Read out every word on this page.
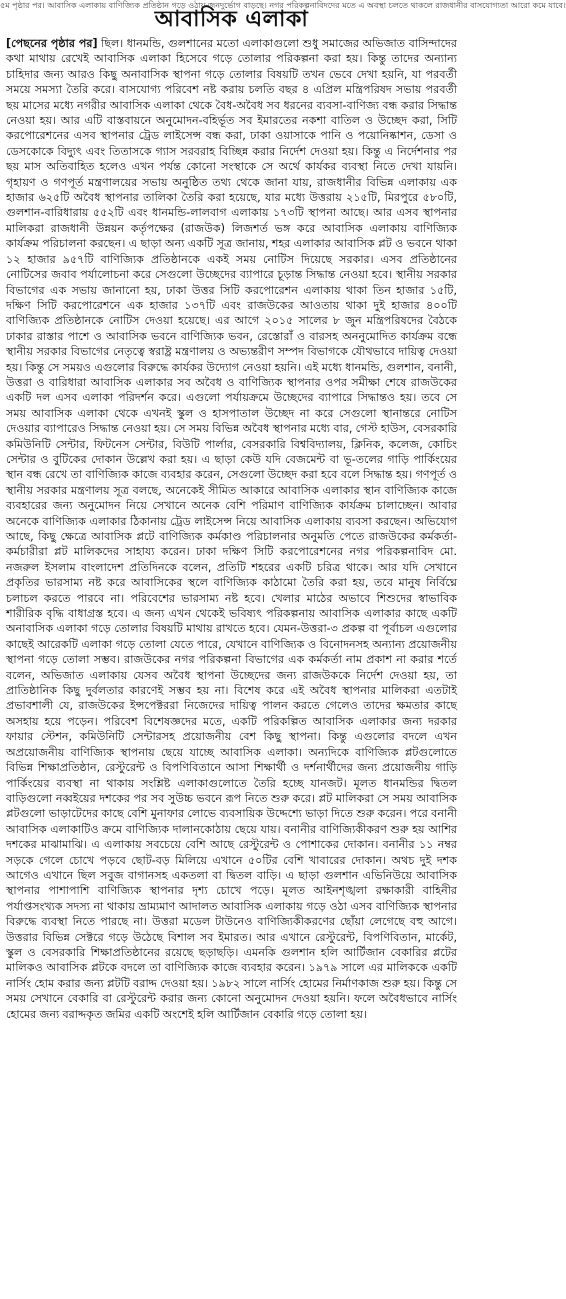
৫ম পৃষ্ঠার পর। আবাসিক এলাকায় বাণিজ্যিক প্রতিষ্ঠান গড়ে ওঠায় জনদুর্ভোগ বাড়ছে। নগর পরিকল্পনাবিদদের মতে এ অবস্থা চলতে থাকলে রাজধানীর বাসযোগ্যতা আরো কমে যাবে।
আবাসিক এলাকা

[পেছনের পৃষ্ঠার পর] ছিল। ধানমন্ডি, গুলশানের মতো এলাকাগুলো শুধু সমাজের অভিজাত বাসিন্দাদের কথা মাথায় রেখেই আবাসিক এলাকা হিসেবে গড়ে তোলার পরিকল্পনা করা হয়। কিন্তু তাদের অন্যান্য চাহিদার জন্য আরও কিছু অনাবাসিক স্থাপনা গড়ে তোলার বিষয়টি তখন ভেবে দেখা হয়নি, যা পরবর্তী সময়ে সমস্যা তৈরি করে। বাসযোগ্য পরিবেশ নষ্ট করায় চলতি বছর ৪ এপ্রিল মন্ত্রিপরিষদ সভায় পরবর্তী ছয় মাসের মধ্যে নগরীর আবাসিক এলাকা থেকে বৈধ-অবৈধ সব ধরনের ব্যবসা-বাণিজ্য বন্ধ করার সিদ্ধান্ত নেওয়া হয়। আর এটি বাস্তবায়নে অনুমোদন-বহির্ভূত সব ইমারতের নকশা বাতিল ও উচ্ছেদ করা, সিটি করপোরেশনের এসব স্থাপনার ট্রেড লাইসেন্স বন্ধ করা, ঢাকা ওয়াসাকে পানি ও পয়োনিষ্কাশন, ডেসা ও ডেসকোকে বিদ্যুৎ এবং তিতাসকে গ্যাস সরবরাহ বিচ্ছিন্ন করার নির্দেশ দেওয়া হয়। কিন্তু এ নির্দেশনার পর ছয় মাস অতিবাহিত হলেও এখন পর্যন্ত কোনো সংস্থাকে সে অর্থে কার্যকর ব্যবস্থা নিতে দেখা যায়নি। গৃহায়ণ ও গণপূর্ত মন্ত্রণালয়ের সভায় অনুষ্ঠিত তথ্য থেকে জানা যায়, রাজধানীর বিভিন্ন এলাকায় এক হাজার ৬২৫টি অবৈধ স্থাপনার তালিকা তৈরি করা হয়েছে, যার মধ্যে উত্তরায় ২১৫টি, মিরপুরে ৫৮০টি, গুলশান-বারিধারায় ৫৫২টি এবং ধানমন্ডি-লালবাগ এলাকায় ১৭৩টি স্থাপনা আছে। আর এসব স্থাপনার মালিকরা রাজধানী উন্নয়ন কর্তৃপক্ষের (রাজউক) লিজশর্ত ভঙ্গ করে আবাসিক এলাকায় বাণিজ্যিক কার্যক্রম পরিচালনা করছেন। এ ছাড়া অন্য একটি সূত্র জানায়, শহর এলাকার আবাসিক প্লট ও ভবনে থাকা ১২ হাজার ৯৫৭টি বাণিজ্যিক প্রতিষ্ঠানকে একই সময় নোটিস দিয়েছে সরকার। এসব প্রতিষ্ঠানের নোটিসের জবাব পর্যালোচনা করে সেগুলো উচ্ছেদের ব্যাপারে চূড়ান্ত সিদ্ধান্ত নেওয়া হবে। স্থানীয় সরকার বিভাগের এক সভায় জানানো হয়, ঢাকা উত্তর সিটি করপোরেশন এলাকায় থাকা তিন হাজার ১৫টি, দক্ষিণ সিটি করপোরেশনে এক হাজার ১৩৭টি এবং রাজউকের আওতায় থাকা দুই হাজার ৪০০টি বাণিজ্যিক প্রতিষ্ঠানকে নোটিস দেওয়া হয়েছে। এর আগে ২০১৫ সালের ৮ জুন মন্ত্রিপরিষদের বৈঠকে ঢাকার রাস্তার পাশে ও আবাসিক ভবনে বাণিজ্যিক ভবন, রেস্তোরাঁ ও বারসহ অননুমোদিত কার্যক্রম বন্ধে স্থানীয় সরকার বিভাগের নেতৃত্বে স্বরাষ্ট্র মন্ত্রণালয় ও অভ্যন্তরীণ সম্পদ বিভাগকে যৌথভাবে দায়িত্ব দেওয়া হয়। কিন্তু সে সময়ও এগুলোর বিরুদ্ধে কার্যকর উদ্যোগ নেওয়া হয়নি। এই মধ্যে ধানমন্ডি, গুলশান, বনানী, উত্তরা ও বারিধারা আবাসিক এলাকার সব অবৈধ ও বাণিজ্যিক স্থাপনার ওপর সমীক্ষা শেষে রাজউকের একটি দল এসব এলাকা পরিদর্শন করে। এগুলো পর্যায়ক্রমে উচ্ছেদের ব্যাপারে সিদ্ধান্তও হয়। তবে সে সময় আবাসিক এলাকা থেকে এখনই স্কুল ও হাসপাতাল উচ্ছেদ না করে সেগুলো স্থানান্তরে নোটিস দেওয়ার ব্যাপারেও সিদ্ধান্ত নেওয়া হয়। সে সময় বিভিন্ন অবৈধ স্থাপনার মধ্যে বার, গেস্ট হাউস, বেসরকারি কমিউনিটি সেন্টার, ফিটনেস সেন্টার, বিউটি পার্লার, বেসরকারি বিশ্ববিদ্যালয়, ক্লিনিক, কলেজ, কোচিং সেন্টার ও বুটিকের দোকান উল্লেখ করা হয়। এ ছাড়া কেউ যদি বেজমেন্ট বা ভূ-তলের গাড়ি পার্কিংয়ের স্থান বন্ধ রেখে তা বাণিজ্যিক কাজে ব্যবহার করেন, সেগুলো উচ্ছেদ করা হবে বলে সিদ্ধান্ত হয়। গণপূর্ত ও স্থানীয় সরকার মন্ত্রণালয় সূত্র বলছে, অনেকেই সীমিত আকারে আবাসিক এলাকার স্থান বাণিজ্যিক কাজে ব্যবহারের জন্য অনুমোদন নিয়ে সেখানে অনেক বেশি পরিমাণ বাণিজ্যিক কার্যক্রম চালাচ্ছেন। আবার অনেকে বাণিজ্যিক এলাকার ঠিকানায় ট্রেড লাইসেন্স নিয়ে আবাসিক এলাকায় ব্যবসা করছেন। অভিযোগ আছে, কিছু ক্ষেত্রে আবাসিক প্লটে বাণিজ্যিক কর্মকাণ্ড পরিচালনার অনুমতি পেতে রাজউকের কর্মকর্তা-কর্মচারীরা প্লট মালিকদের সাহায্য করেন। ঢাকা দক্ষিণ সিটি করপোরেশনের নগর পরিকল্পনাবিদ মো. নজরুল ইসলাম বাংলাদেশ প্রতিদিনকে বলেন, প্রতিটি শহরের একটি চরিত্র থাকে। আর যদি সেখানে প্রকৃতির ভারসাম্য নষ্ট করে আবাসিকের স্থলে বাণিজ্যিক কাঠামো তৈরি করা হয়, তবে মানুষ নির্বিঘ্নে চলাচল করতে পারবে না। পরিবেশের ভারসাম্য নষ্ট হবে। খেলার মাঠের অভাবে শিশুদের স্বাভাবিক শারীরিক বৃদ্ধি বাধাগ্রস্ত হবে। এ জন্য এখন থেকেই ভবিষ্যৎ পরিকল্পনায় আবাসিক এলাকার কাছে একটি অনাবাসিক এলাকা গড়ে তোলার বিষয়টি মাথায় রাখতে হবে। যেমন-উত্তরা-৩ প্রকল্প বা পূর্বাচল এগুলোর কাছেই আরেকটি এলাকা গড়ে তোলা যেতে পারে, যেখানে বাণিজ্যিক ও বিনোদনসহ অন্যান্য প্রয়োজনীয় স্থাপনা গড়ে তোলা সম্ভব। রাজউকের নগর পরিকল্পনা বিভাগের এক কর্মকর্তা নাম প্রকাশ না করার শর্তে বলেন, অভিজাত এলাকায় যেসব অবৈধ স্থাপনা উচ্ছেদের জন্য রাজউককে নির্দেশ দেওয়া হয়, তা প্রাতিষ্ঠানিক কিছু দুর্বলতার কারণেই সম্ভব হয় না। বিশেষ করে এই অবৈধ স্থাপনার মালিকরা এতটাই প্রভাবশালী যে, রাজউকের ইন্সপেক্টররা নিজেদের দায়িত্ব পালন করতে গেলেও তাদের ক্ষমতার কাছে অসহায় হয়ে পড়েন। পরিবেশ বিশেষজ্ঞদের মতে, একটি পরিকল্পিত আবাসিক এলাকার জন্য দরকার ফায়ার স্টেশন, কমিউনিটি সেন্টারসহ প্রয়োজনীয় বেশ কিছু স্থাপনা। কিন্তু এগুলোর বদলে এখন অপ্রয়োজনীয় বাণিজ্যিক স্থাপনায় ছেয়ে যাচ্ছে আবাসিক এলাকা। অন্যদিকে বাণিজ্যিক প্লটগুলোতে বিভিন্ন শিক্ষাপ্রতিষ্ঠান, রেস্টুরেন্ট ও বিপণিবিতানে আসা শিক্ষার্থী ও দর্শনার্থীদের জন্য প্রয়োজনীয় গাড়ি পার্কিংয়ের ব্যবস্থা না থাকায় সংশ্লিষ্ট এলাকাগুলোতে তৈরি হচ্ছে যানজট। মূলত ধানমন্ডির দ্বিতল বাড়িগুলো নব্বইয়ের দশকের পর সব সুউচ্চ ভবনে রূপ নিতে শুরু করে। প্লট মালিকরা সে সময় আবাসিক প্লটগুলো ভাড়াটেদের কাছে বেশি মুনাফার লোভে ব্যবসায়িক উদ্দেশ্যে ভাড়া দিতে শুরু করেন। পরে বনানী আবাসিক এলাকাটিও ক্রমে বাণিজ্যিক দালানকোঠায় ছেয়ে যায়। বনানীর বাণিজ্যিকীকরণ শুরু হয় আশির দশকের মাঝামাঝি। এ এলাকায় সবচেয়ে বেশি আছে রেস্টুরেন্ট ও পোশাকের দোকান। বনানীর ১১ নম্বর সড়কে গেলে চোখে পড়বে ছোট-বড় মিলিয়ে এখানে ৫০টির বেশি খাবারের দোকান। অথচ দুই দশক আগেও এখানে ছিল সবুজ বাগানসহ একতলা বা দ্বিতল বাড়ি। এ ছাড়া গুলশান এভিনিউয়ে আবাসিক স্থাপনার পাশাপাশি বাণিজ্যিক স্থাপনার দৃশ্য চোখে পড়ে। মূলত আইনশৃঙ্খলা রক্ষাকারী বাহিনীর পর্যাপ্তসংখ্যক সদস্য না থাকায় ভ্রাম্যমাণ আদালত আবাসিক এলাকায় গড়ে ওঠা এসব বাণিজ্যিক স্থাপনার বিরুদ্ধে ব্যবস্থা নিতে পারছে না। উত্তরা মডেল টাউনেও বাণিজ্যিকীকরণের ছোঁয়া লেগেছে বহু আগে। উত্তরার বিভিন্ন সেক্টরে গড়ে উঠেছে বিশাল সব ইমারত। আর এখানে রেস্টুরেন্ট, বিপণিবিতান, মার্কেট, স্কুল ও বেসরকারি শিক্ষাপ্রতিষ্ঠানের রয়েছে ছড়াছড়ি। এমনকি গুলশান হলি আর্টিজান বেকারির প্লটের মালিকও আবাসিক প্লটকে বদলে তা বাণিজ্যিক কাজে ব্যবহার করেন। ১৯৭৯ সালে এর মালিককে একটি নার্সিং হোম করার জন্য প্লটটি বরাদ্দ দেওয়া হয়। ১৯৮২ সালে নার্সিং হোমের নির্মাণকাজ শুরু হয়। কিন্তু সে সময় সেখানে বেকারি বা রেস্টুরেন্ট করার জন্য কোনো অনুমোদন দেওয়া হয়নি। ফলে অবৈধভাবে নার্সিং হোমের জন্য বরাদ্দকৃত জমির একটি অংশেই হলি আর্টিজান বেকারি গড়ে তোলা হয়।
